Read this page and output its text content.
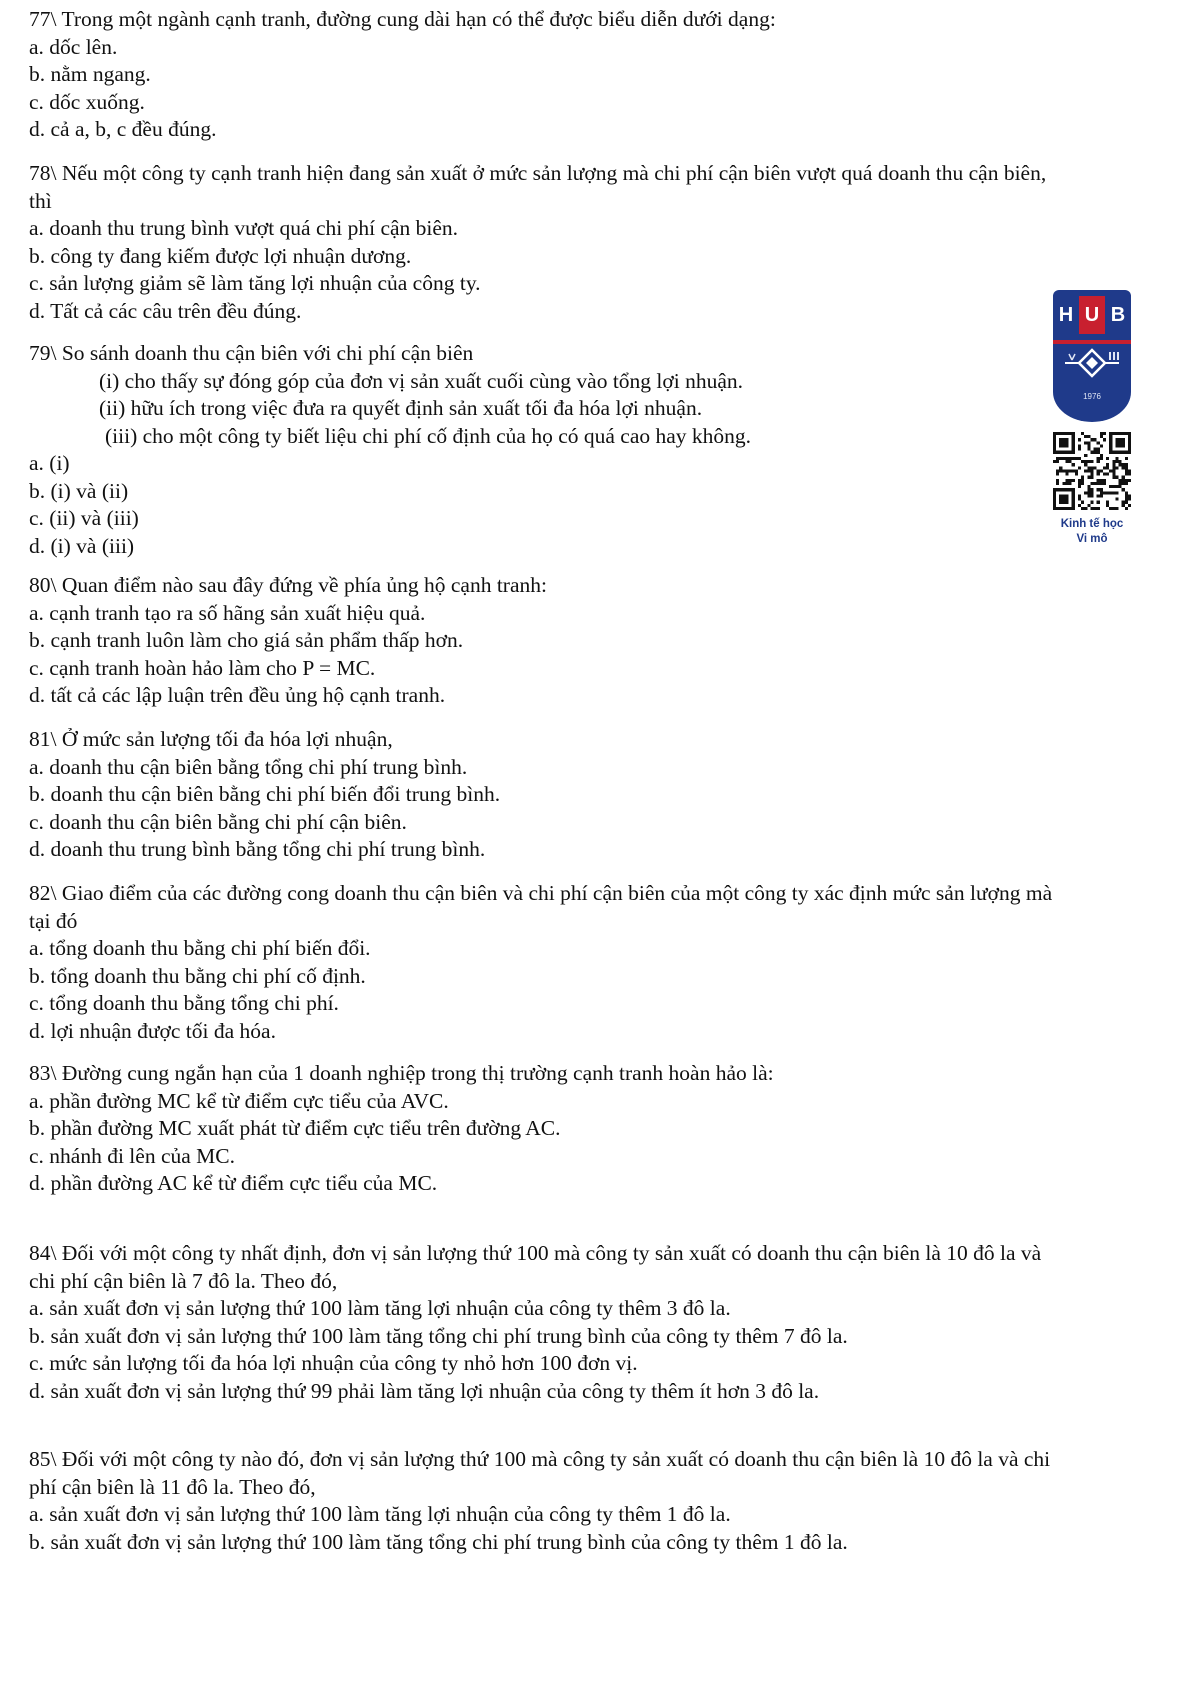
77\ Trong một ngành cạnh tranh, đường cung dài hạn có thể được biểu diễn dưới dạng:
a. dốc lên.
b. nằm ngang.
c. dốc xuống.
d. cả a, b, c đều đúng.
78\ Nếu một công ty cạnh tranh hiện đang sản xuất ở mức sản lượng mà chi phí cận biên vượt quá doanh thu cận biên,
thì
a. doanh thu trung bình vượt quá chi phí cận biên.
b. công ty đang kiếm được lợi nhuận dương.
c. sản lượng giảm sẽ làm tăng lợi nhuận của công ty.
d. Tất cả các câu trên đều đúng.
79\ So sánh doanh thu cận biên với chi phí cận biên
(i) cho thấy sự đóng góp của đơn vị sản xuất cuối cùng vào tổng lợi nhuận.
(ii) hữu ích trong việc đưa ra quyết định sản xuất tối đa hóa lợi nhuận.
(iii) cho một công ty biết liệu chi phí cố định của họ có quá cao hay không.
a. (i)
b. (i) và (ii)
c. (ii) và (iii)
d. (i) và (iii)
80\ Quan điểm nào sau đây đứng về phía ủng hộ cạnh tranh:
a. cạnh tranh tạo ra số hãng sản xuất hiệu quả.
b. cạnh tranh luôn làm cho giá sản phẩm thấp hơn.
c. cạnh tranh hoàn hảo làm cho P = MC.
d. tất cả các lập luận trên đều ủng hộ cạnh tranh.
81\ Ở mức sản lượng tối đa hóa lợi nhuận,
a. doanh thu cận biên bằng tổng chi phí trung bình.
b. doanh thu cận biên bằng chi phí biến đổi trung bình.
c. doanh thu cận biên bằng chi phí cận biên.
d. doanh thu trung bình bằng tổng chi phí trung bình.
82\ Giao điểm của các đường cong doanh thu cận biên và chi phí cận biên của một công ty xác định mức sản lượng mà
tại đó
a. tổng doanh thu bằng chi phí biến đổi.
b. tổng doanh thu bằng chi phí cố định.
c. tổng doanh thu bằng tổng chi phí.
d. lợi nhuận được tối đa hóa.
83\ Đường cung ngắn hạn của 1 doanh nghiệp trong thị trường cạnh tranh hoàn hảo là:
a. phần đường MC kể từ điểm cực tiểu của AVC.
b. phần đường MC xuất phát từ điểm cực tiểu trên đường AC.
c. nhánh đi lên của MC.
d. phần đường AC kể từ điểm cực tiểu của MC.
84\ Đối với một công ty nhất định, đơn vị sản lượng thứ 100 mà công ty sản xuất có doanh thu cận biên là 10 đô la và
chi phí cận biên là 7 đô la. Theo đó,
a. sản xuất đơn vị sản lượng thứ 100 làm tăng lợi nhuận của công ty thêm 3 đô la.
b. sản xuất đơn vị sản lượng thứ 100 làm tăng tổng chi phí trung bình của công ty thêm 7 đô la.
c. mức sản lượng tối đa hóa lợi nhuận của công ty nhỏ hơn 100 đơn vị.
d. sản xuất đơn vị sản lượng thứ 99 phải làm tăng lợi nhuận của công ty thêm ít hơn 3 đô la.
85\ Đối với một công ty nào đó, đơn vị sản lượng thứ 100 mà công ty sản xuất có doanh thu cận biên là 10 đô la và chi
phí cận biên là 11 đô la. Theo đó,
a. sản xuất đơn vị sản lượng thứ 100 làm tăng lợi nhuận của công ty thêm 1 đô la.
b. sản xuất đơn vị sản lượng thứ 100 làm tăng tổng chi phí trung bình của công ty thêm 1 đô la.
H U B
1976
Kinh tế học
Vi mô
